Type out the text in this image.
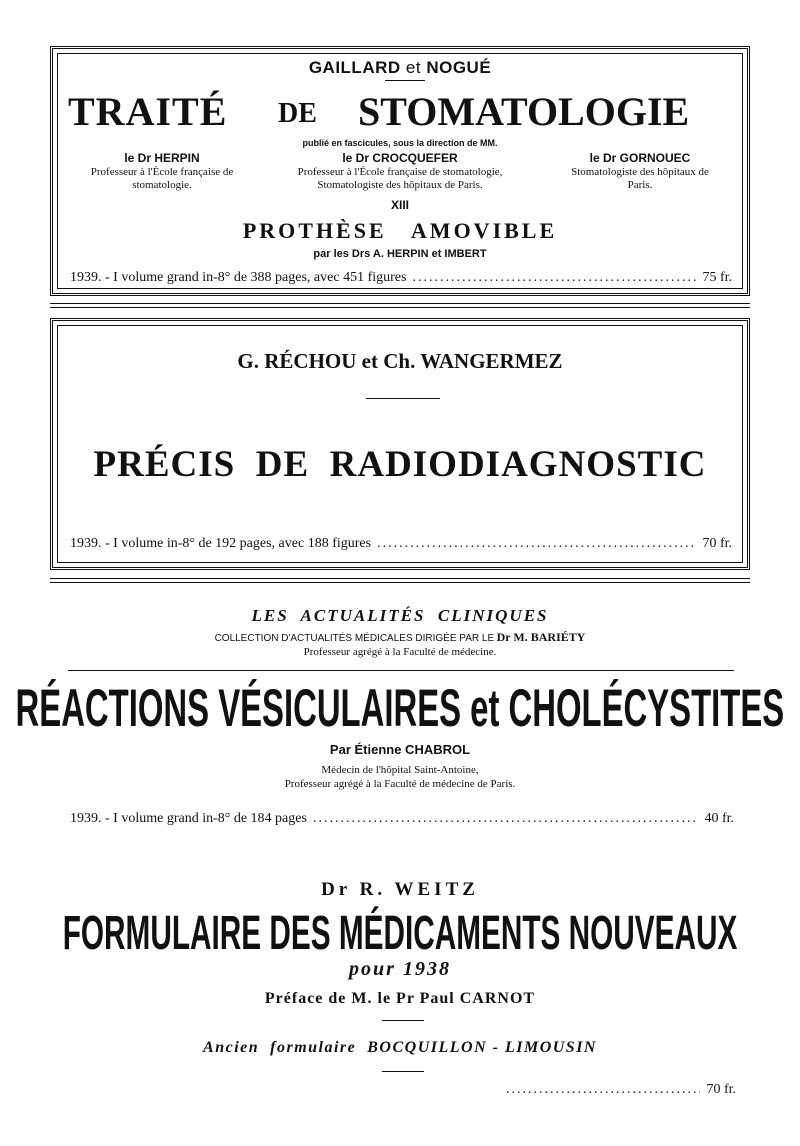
GAILLARD et NOGUÉ
TRAITÉ DE STOMATOLOGIE
publié en fascicules, sous la direction de MM.
le Dr HERPIN
Professeur à l'École française de
stomatologie.
le Dr CROCQUEFER
Professeur à l'École française de stomatologie,
Stomatologiste des hôpitaux de Paris.
le Dr GORNOUEC
Stomatologiste des hôpitaux de
Paris.
XIII
PROTHÈSE   AMOVIBLE
par les Drs A. HERPIN et IMBERT
1939. - I volume grand in-8° de 388 pages, avec 451 figures .....	75 fr.
G. RÉCHOU et Ch. WANGERMEZ
PRÉCIS  DE  RADIODIAGNOSTIC
1939. - I volume in-8° de 192 pages, avec 188 figures .....	70 fr.
LES  ACTUALITÉS  CLINIQUES
COLLECTION D'ACTUALITÉS MÉDICALES DIRIGÉE PAR LE Dr M. BARIÉTY
Professeur agrégé à la Faculté de médecine.
RÉACTIONS VÉSICULAIRES et CHOLÉCYSTITES
Par Étienne CHABROL
Médecin de l'hôpital Saint-Antoine,
Professeur agrégé à la Faculté de médecine de Paris.
1939. - I volume grand in-8° de 184 pages .....	40 fr.
Dr R. WEITZ
FORMULAIRE DES MÉDICAMENTS NOUVEAUX
pour 1938
Préface de M. le Pr Paul CARNOT
Ancien  formulaire  BOCQUILLON - LIMOUSIN
.....
70 fr.
